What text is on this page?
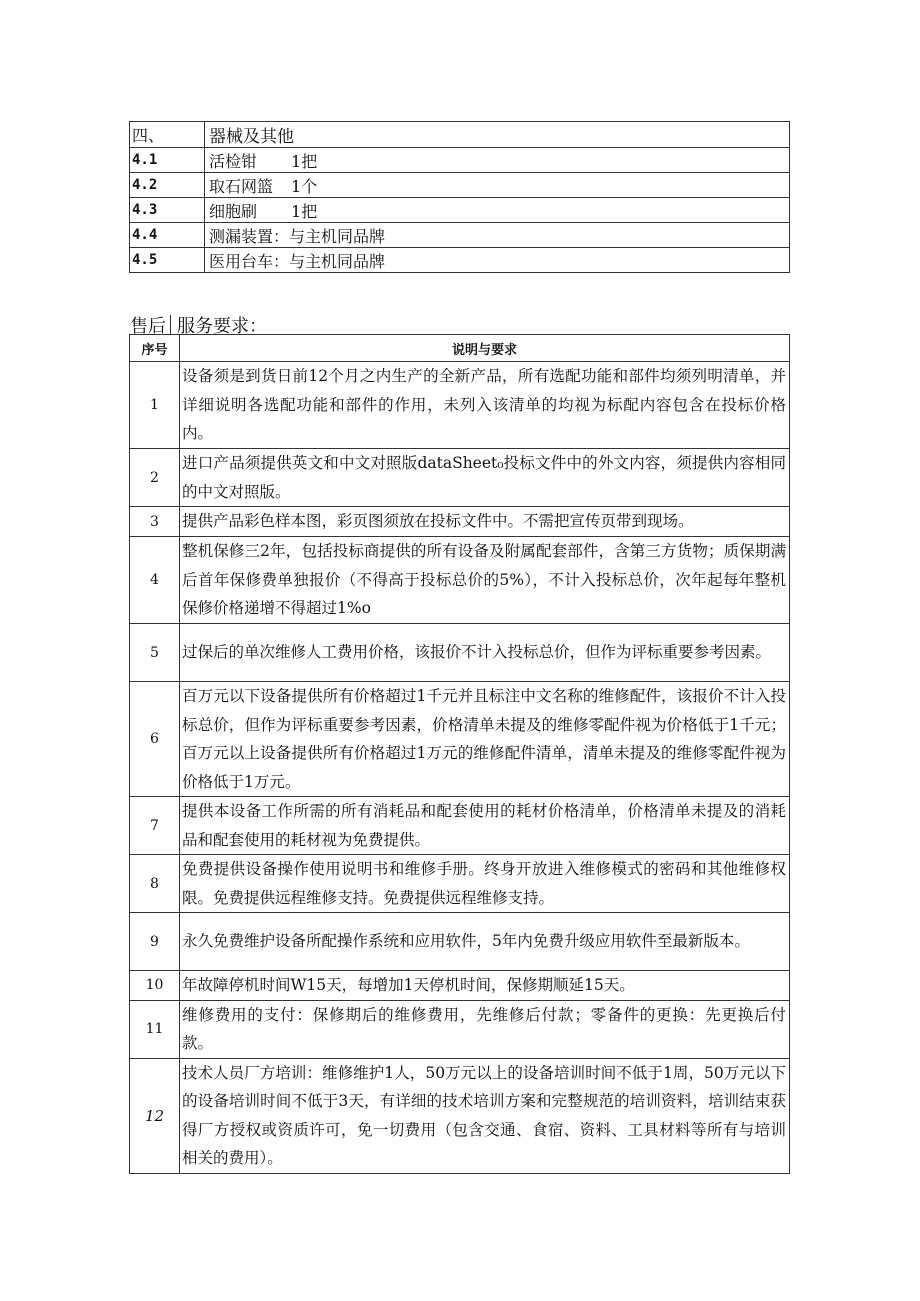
四、	器械及其他
4.1	活检钳 1把
4.2	取石网篮 1个
4.3	细胞刷 1把
4.4	测漏装置：与主机同品牌
4.5	医用台车：与主机同品牌
售后 服务要求：
序号	说明与要求
1	设备须是到货日前12个月之内生产的全新产品，所有选配功能和部件均须列明清单，并详细说明各选配功能和部件的作用，未列入该清单的均视为标配内容包含在投标价格内。
2	进口产品须提供英文和中文对照版dataSheet₀投标文件中的外文内容，须提供内容相同的中文对照版。
3	提供产品彩色样本图，彩页图须放在投标文件中。不需把宣传页带到现场。
4	整机保修三2年，包括投标商提供的所有设备及附属配套部件，含第三方货物；质保期满后首年保修费单独报价（不得高于投标总价的5%），不计入投标总价，次年起每年整机保修价格递增不得超过1%o
5	过保后的单次维修人工费用价格，该报价不计入投标总价，但作为评标重要参考因素。
6	百万元以下设备提供所有价格超过1千元并且标注中文名称的维修配件，该报价不计入投标总价，但作为评标重要参考因素，价格清单未提及的维修零配件视为价格低于1千元；百万元以上设备提供所有价格超过1万元的维修配件清单，清单未提及的维修零配件视为价格低于1万元。
7	提供本设备工作所需的所有消耗品和配套使用的耗材价格清单，价格清单未提及的消耗品和配套使用的耗材视为免费提供。
8	免费提供设备操作使用说明书和维修手册。终身开放进入维修模式的密码和其他维修权限。免费提供远程维修支持。免费提供远程维修支持。
9	永久免费维护设备所配操作系统和应用软件，5年内免费升级应用软件至最新版本。
10	年故障停机时间W15天，每增加1天停机时间，保修期顺延15天。
11	维修费用的支付：保修期后的维修费用，先维修后付款；零备件的更换：先更换后付款。
12	技术人员厂方培训：维修维护1人，50万元以上的设备培训时间不低于1周，50万元以下的设备培训时间不低于3天，有详细的技术培训方案和完整规范的培训资料，培训结束获得厂方授权或资质许可，免一切费用（包含交通、食宿、资料、工具材料等所有与培训相关的费用）。
